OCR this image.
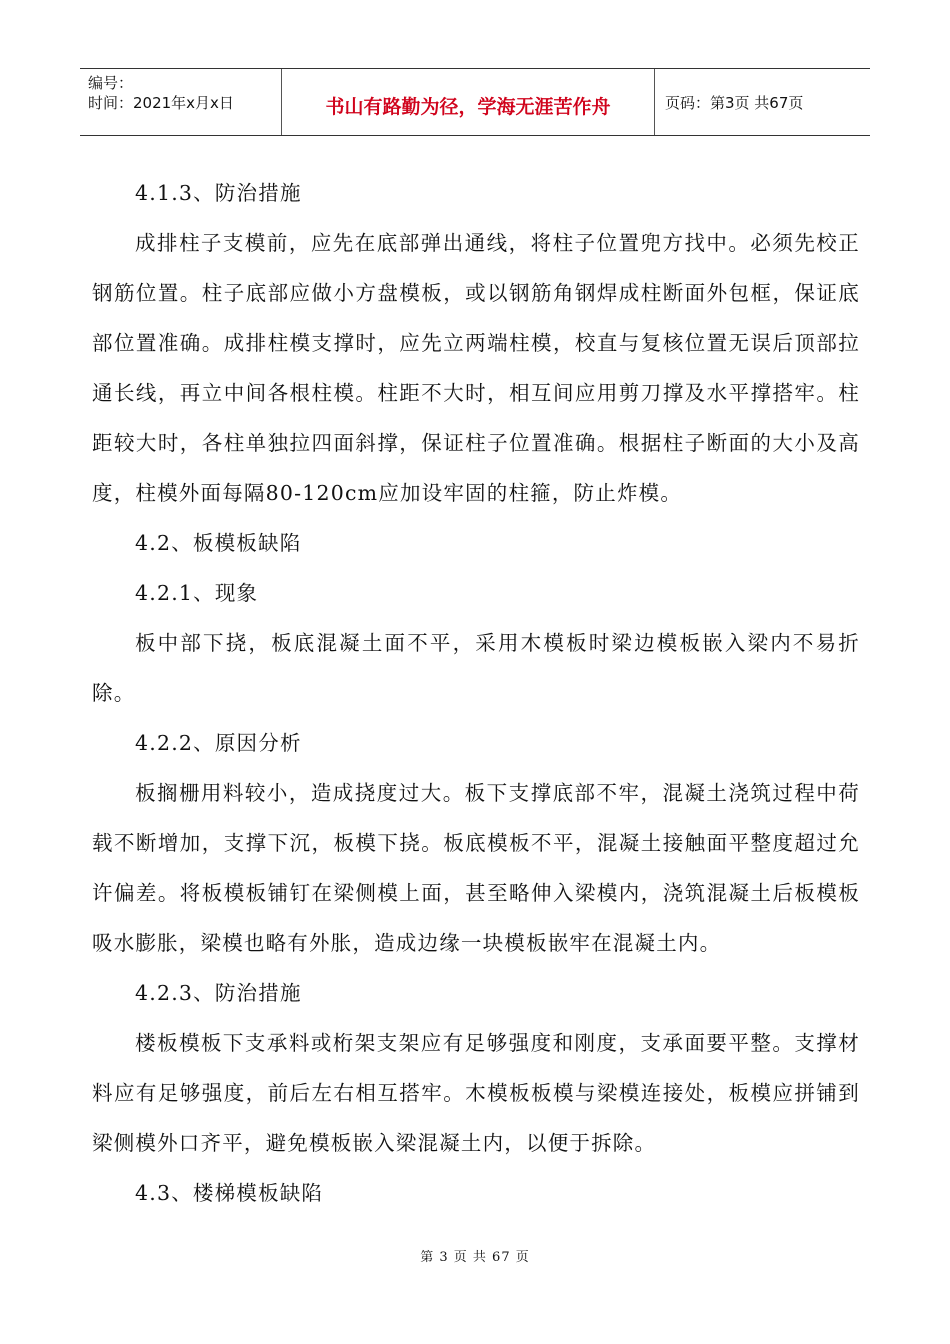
编号：
时间：2021年x月x日	书山有路勤为径，学海无涯苦作舟	页码：第3页 共67页

4.1.3、防治措施

成排柱子支模前，应先在底部弹出通线，将柱子位置兜方找中。必须先校正钢筋位置。柱子底部应做小方盘模板，或以钢筋角钢焊成柱断面外包框，保证底部位置准确。成排柱模支撑时，应先立两端柱模，校直与复核位置无误后顶部拉通长线，再立中间各根柱模。柱距不大时，相互间应用剪刀撑及水平撑搭牢。柱距较大时，各柱单独拉四面斜撑，保证柱子位置准确。根据柱子断面的大小及高度，柱模外面每隔80-120cm应加设牢固的柱箍，防止炸模。

4.2、板模板缺陷

4.2.1、现象

板中部下挠，板底混凝土面不平，采用木模板时梁边模板嵌入梁内不易折除。

4.2.2、原因分析

板搁栅用料较小，造成挠度过大。板下支撑底部不牢，混凝土浇筑过程中荷载不断增加，支撑下沉，板模下挠。板底模板不平，混凝土接触面平整度超过允许偏差。将板模板铺钉在梁侧模上面，甚至略伸入梁模内，浇筑混凝土后板模板吸水膨胀，梁模也略有外胀，造成边缘一块模板嵌牢在混凝土内。

4.2.3、防治措施

楼板模板下支承料或桁架支架应有足够强度和刚度，支承面要平整。支撑材料应有足够强度，前后左右相互搭牢。木模板板模与梁模连接处，板模应拼铺到梁侧模外口齐平，避免模板嵌入梁混凝土内，以便于拆除。

4.3、楼梯模板缺陷

第 3 页 共 67 页
